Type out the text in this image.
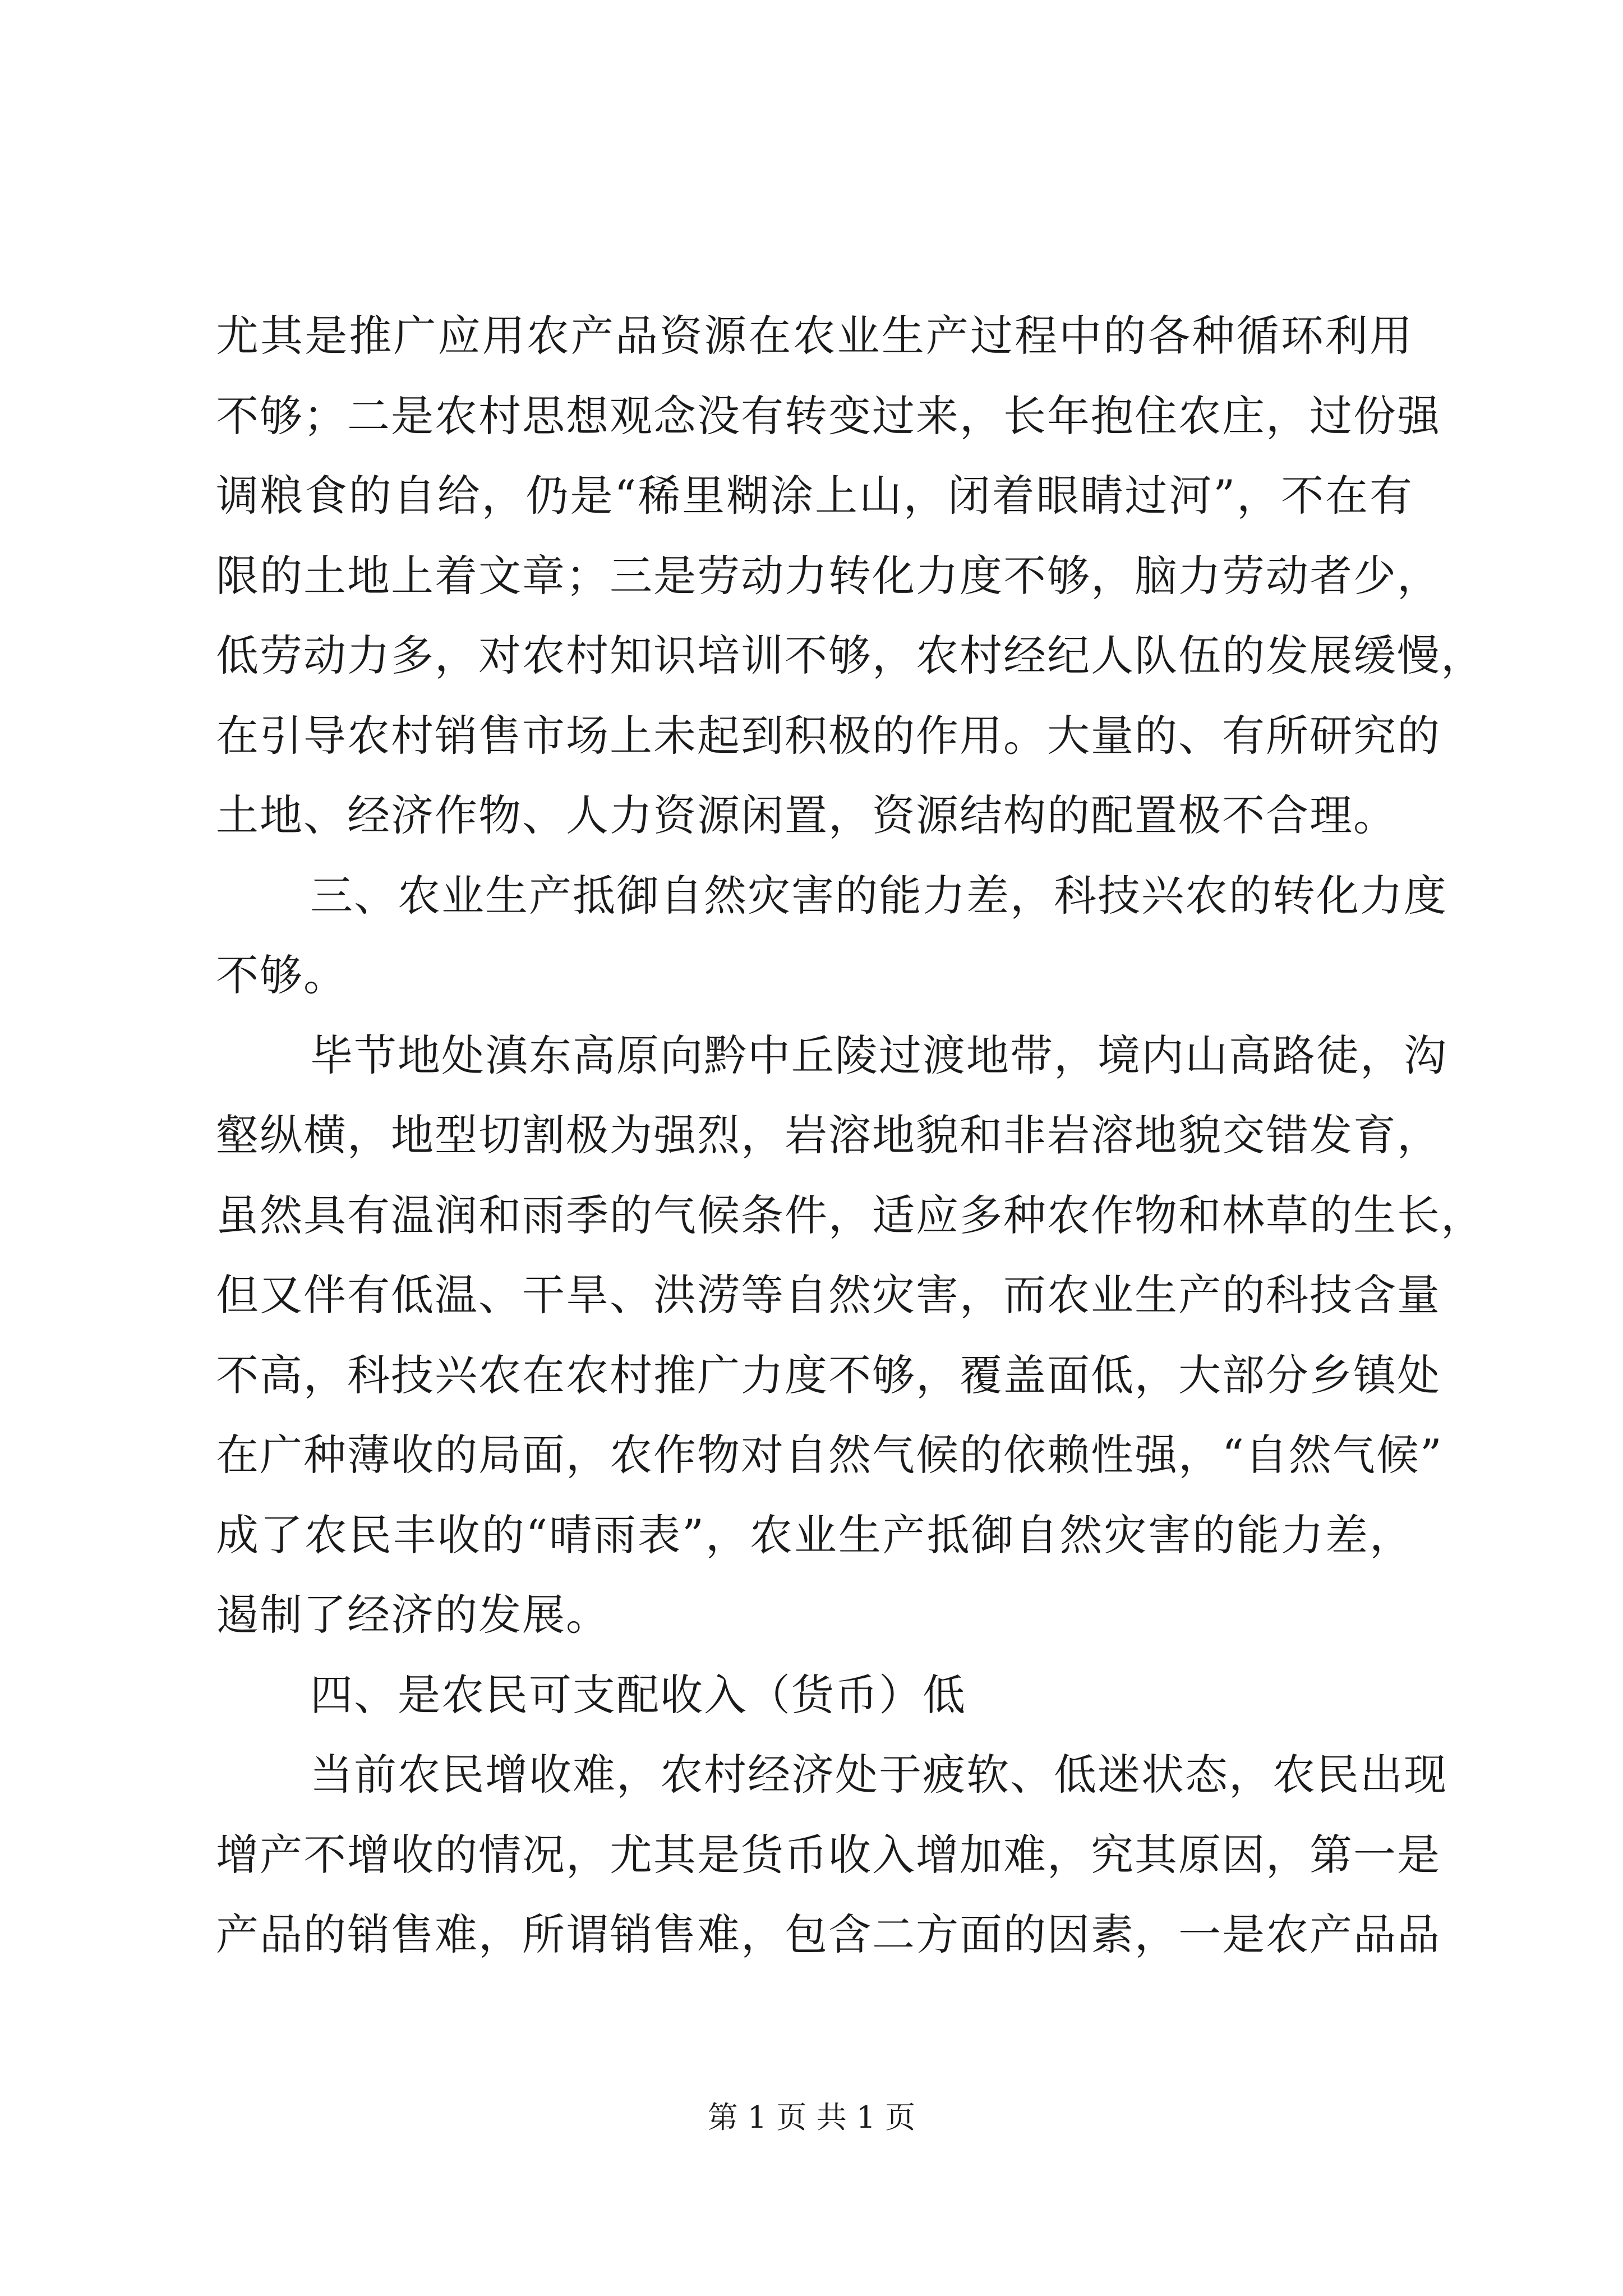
尤其是推广应用农产品资源在农业生产过程中的各种循环利用
不够；二是农村思想观念没有转变过来，长年抱住农庄，过份强
调粮食的自给，仍是“稀里糊涂上山，闭着眼睛过河”，不在有
限的土地上着文章；三是劳动力转化力度不够，脑力劳动者少，
低劳动力多，对农村知识培训不够，农村经纪人队伍的发展缓慢，
在引导农村销售市场上未起到积极的作用。大量的、有所研究的
土地、经济作物、人力资源闲置，资源结构的配置极不合理。
三、农业生产抵御自然灾害的能力差，科技兴农的转化力度
不够。
毕节地处滇东高原向黔中丘陵过渡地带，境内山高路徒，沟
壑纵横，地型切割极为强烈，岩溶地貌和非岩溶地貌交错发育，
虽然具有温润和雨季的气候条件，适应多种农作物和林草的生长，
但又伴有低温、干旱、洪涝等自然灾害，而农业生产的科技含量
不高，科技兴农在农村推广力度不够，覆盖面低，大部分乡镇处
在广种薄收的局面，农作物对自然气候的依赖性强，“自然气候”
成了农民丰收的“晴雨表”，农业生产抵御自然灾害的能力差，
遏制了经济的发展。
四、是农民可支配收入（货币）低
当前农民增收难，农村经济处于疲软、低迷状态，农民出现
增产不增收的情况，尤其是货币收入增加难，究其原因，第一是
产品的销售难，所谓销售难，包含二方面的因素，一是农产品品
第 1 页 共 1 页
